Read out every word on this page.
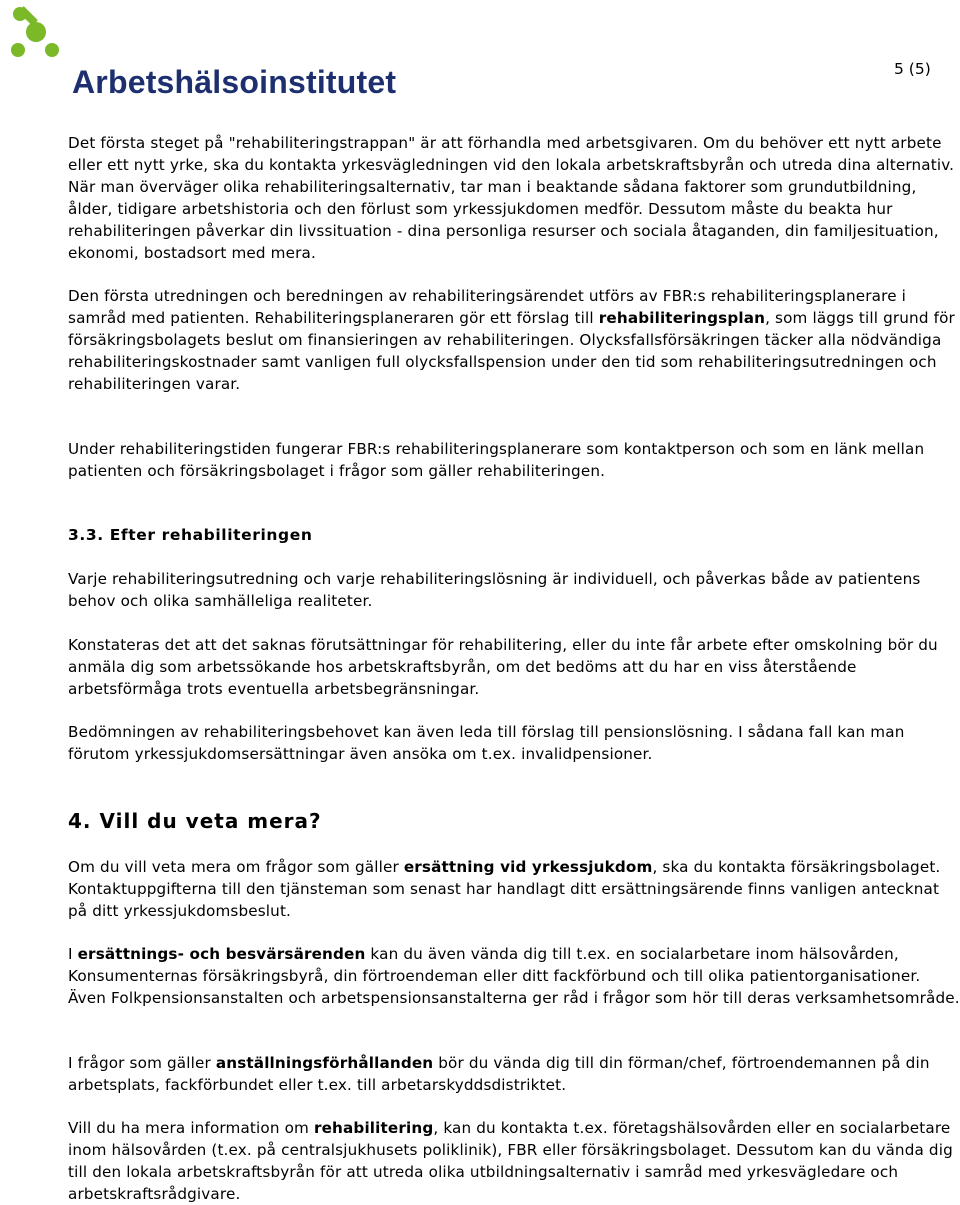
Arbetshälsoinstitutet	5 (5)

Det första steget på "rehabiliteringstrappan" är att förhandla med arbetsgivaren. Om du behöver ett nytt arbete eller ett nytt yrke, ska du kontakta yrkesvägledningen vid den lokala arbetskraftsbyrån och utreda dina alternativ. När man överväger olika rehabiliteringsalternativ, tar man i beaktande sådana faktorer som grundutbildning, ålder, tidigare arbetshistoria och den förlust som yrkessjukdomen medför. Dessutom måste du beakta hur rehabiliteringen påverkar din livssituation - dina personliga resurser och sociala åtaganden, din familjesituation, ekonomi, bostadsort med mera.

Den första utredningen och beredningen av rehabiliteringsärendet utförs av FBR:s rehabiliteringsplanerare i samråd med patienten. Rehabiliteringsplaneraren gör ett förslag till rehabiliteringsplan, som läggs till grund för försäkringsbolagets beslut om finansieringen av rehabiliteringen. Olycksfallsförsäkringen täcker alla nödvändiga rehabiliteringskostnader samt vanligen full olycksfallspension under den tid som rehabiliteringsutredningen och rehabiliteringen varar.

Under rehabiliteringstiden fungerar FBR:s rehabiliteringsplanerare som kontaktperson och som en länk mellan patienten och försäkringsbolaget i frågor som gäller rehabiliteringen.

3.3. Efter rehabiliteringen

Varje rehabiliteringsutredning och varje rehabiliteringslösning är individuell, och påverkas både av patientens behov och olika samhälleliga realiteter.

Konstateras det att det saknas förutsättningar för rehabilitering, eller du inte får arbete efter omskolning bör du anmäla dig som arbetssökande hos arbetskraftsbyrån, om det bedöms att du har en viss återstående arbetsförmåga trots eventuella arbetsbegränsningar.

Bedömningen av rehabiliteringsbehovet kan även leda till förslag till pensionslösning. I sådana fall kan man förutom yrkessjukdomsersättningar även ansöka om t.ex. invalidpensioner.

4. Vill du veta mera?

Om du vill veta mera om frågor som gäller ersättning vid yrkessjukdom, ska du kontakta försäkringsbolaget. Kontaktuppgifterna till den tjänsteman som senast har handlagt ditt ersättningsärende finns vanligen antecknat på ditt yrkessjukdomsbeslut.

I ersättnings- och besvärsärenden kan du även vända dig till t.ex. en socialarbetare inom hälsovården, Konsumenternas försäkringsbyrå, din förtroendeman eller ditt fackförbund och till olika patientorganisationer. Även Folkpensionsanstalten och arbetspensionsanstalterna ger råd i frågor som hör till deras verksamhetsområde.

I frågor som gäller anställningsförhållanden bör du vända dig till din förman/chef, förtroendemannen på din arbetsplats, fackförbundet eller t.ex. till arbetarskyddsdistriktet.

Vill du ha mera information om rehabilitering, kan du kontakta t.ex. företagshälsovården eller en socialarbetare inom hälsovården (t.ex. på centralsjukhusets poliklinik), FBR eller försäkringsbolaget. Dessutom kan du vända dig till den lokala arbetskraftsbyrån för att utreda olika utbildningsalternativ i samråd med yrkesvägledare och arbetskraftsrådgivare.
